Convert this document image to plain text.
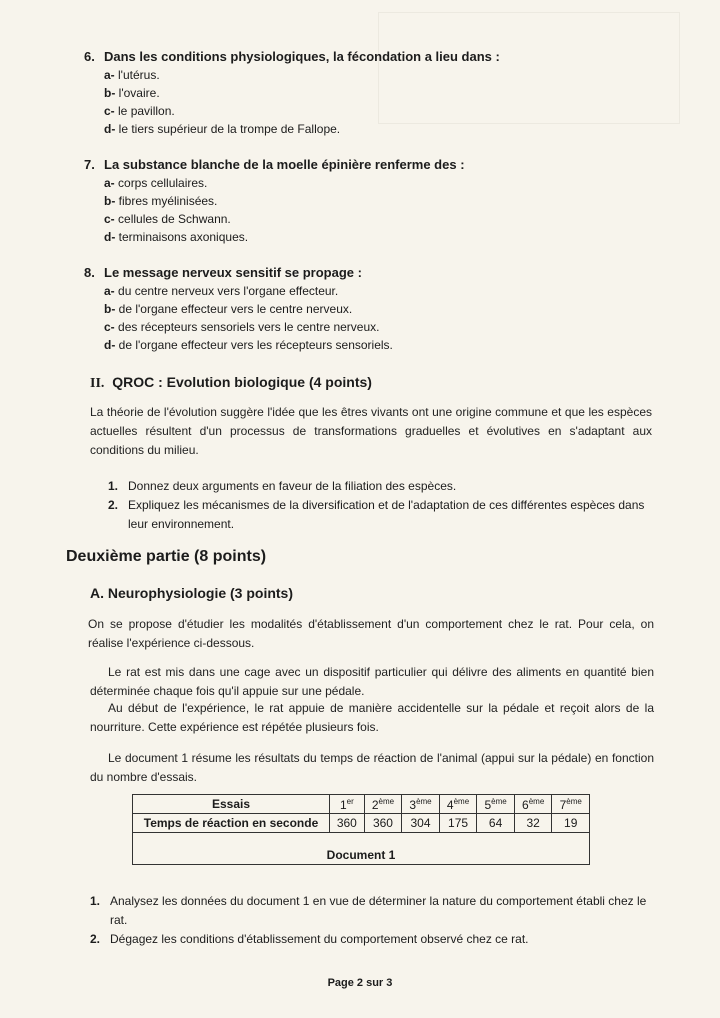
6. Dans les conditions physiologiques, la fécondation a lieu dans :
a- l'utérus.
b- l'ovaire.
c- le pavillon.
d- le tiers supérieur de la trompe de Fallope.
7. La substance blanche de la moelle épinière renferme des :
a- corps cellulaires.
b- fibres myélinisées.
c- cellules de Schwann.
d- terminaisons axoniques.
8. Le message nerveux sensitif se propage :
a- du centre nerveux vers l'organe effecteur.
b- de l'organe effecteur vers le centre nerveux.
c- des récepteurs sensoriels vers le centre nerveux.
d- de l'organe effecteur vers les récepteurs sensoriels.
II. QROC : Evolution biologique (4 points)
La théorie de l'évolution suggère l'idée que les êtres vivants ont une origine commune et que les espèces actuelles résultent d'un processus de transformations graduelles et évolutives en s'adaptant aux conditions du milieu.
1. Donnez deux arguments en faveur de la filiation des espèces.
2. Expliquez les mécanismes de la diversification et de l'adaptation de ces différentes espèces dans leur environnement.
Deuxième partie (8 points)
A. Neurophysiologie (3 points)
On se propose d'étudier les modalités d'établissement d'un comportement chez le rat. Pour cela, on réalise l'expérience ci-dessous.
Le rat est mis dans une cage avec un dispositif particulier qui délivre des aliments en quantité bien déterminée chaque fois qu'il appuie sur une pédale.
Au début de l'expérience, le rat appuie de manière accidentelle sur la pédale et reçoit alors de la nourriture. Cette expérience est répétée plusieurs fois.
Le document 1 résume les résultats du temps de réaction de l'animal (appui sur la pédale) en fonction du nombre d'essais.
Essais	1er	2ème	3ème	4ème	5ème	6ème	7ème
Temps de réaction en seconde	360	360	304	175	64	32	19
Document 1							
1. Analysez les données du document 1 en vue de déterminer la nature du comportement établi chez le rat.
2. Dégagez les conditions d'établissement du comportement observé chez ce rat.
Page 2 sur 3
